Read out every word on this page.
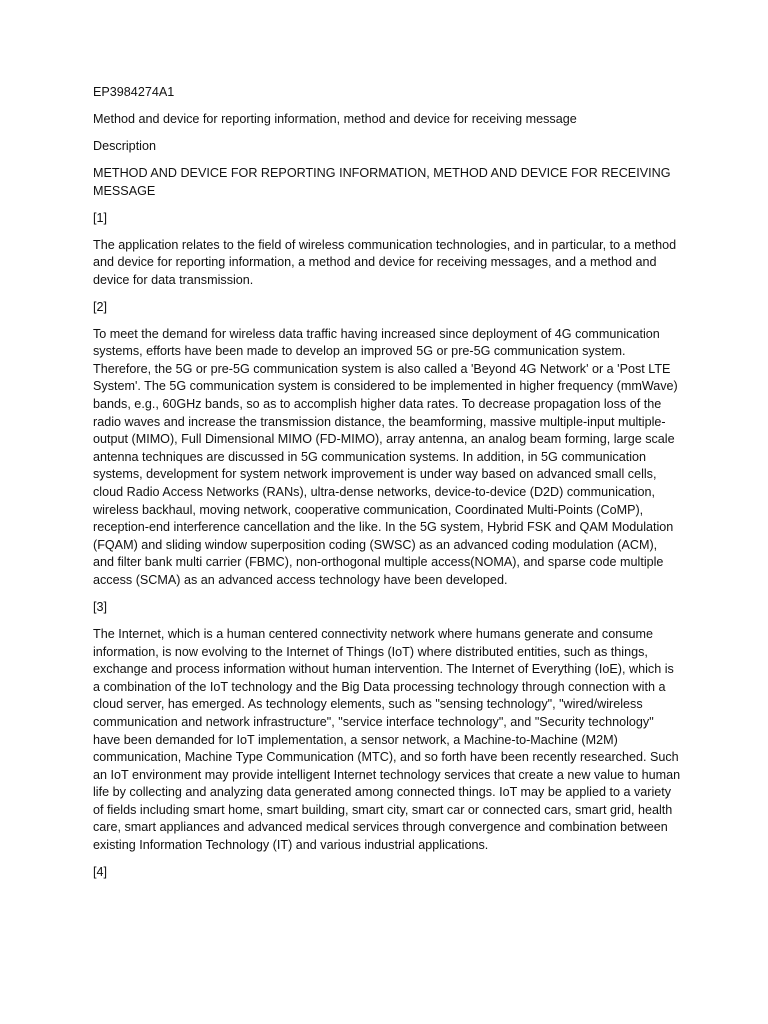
EP3984274A1

Method and device for reporting information, method and device for receiving message

Description

METHOD AND DEVICE FOR REPORTING INFORMATION, METHOD AND DEVICE FOR RECEIVING MESSAGE

[1]

The application relates to the field of wireless communication technologies, and in particular, to a method and device for reporting information, a method and device for receiving messages, and a method and device for data transmission.

[2]

To meet the demand for wireless data traffic having increased since deployment of 4G communication systems, efforts have been made to develop an improved 5G or pre-5G communication system. Therefore, the 5G or pre-5G communication system is also called a 'Beyond 4G Network' or a 'Post LTE System'. The 5G communication system is considered to be implemented in higher frequency (mmWave) bands, e.g., 60GHz bands, so as to accomplish higher data rates. To decrease propagation loss of the radio waves and increase the transmission distance, the beamforming, massive multiple-input multiple-output (MIMO), Full Dimensional MIMO (FD-MIMO), array antenna, an analog beam forming, large scale antenna techniques are discussed in 5G communication systems. In addition, in 5G communication systems, development for system network improvement is under way based on advanced small cells, cloud Radio Access Networks (RANs), ultra-dense networks, device-to-device (D2D) communication, wireless backhaul, moving network, cooperative communication, Coordinated Multi-Points (CoMP), reception-end interference cancellation and the like. In the 5G system, Hybrid FSK and QAM Modulation (FQAM) and sliding window superposition coding (SWSC) as an advanced coding modulation (ACM), and filter bank multi carrier (FBMC), non-orthogonal multiple access(NOMA), and sparse code multiple access (SCMA) as an advanced access technology have been developed.

[3]

The Internet, which is a human centered connectivity network where humans generate and consume information, is now evolving to the Internet of Things (IoT) where distributed entities, such as things, exchange and process information without human intervention. The Internet of Everything (IoE), which is a combination of the IoT technology and the Big Data processing technology through connection with a cloud server, has emerged. As technology elements, such as "sensing technology", "wired/wireless communication and network infrastructure", "service interface technology", and "Security technology" have been demanded for IoT implementation, a sensor network, a Machine-to-Machine (M2M) communication, Machine Type Communication (MTC), and so forth have been recently researched. Such an IoT environment may provide intelligent Internet technology services that create a new value to human life by collecting and analyzing data generated among connected things. IoT may be applied to a variety of fields including smart home, smart building, smart city, smart car or connected cars, smart grid, health care, smart appliances and advanced medical services through convergence and combination between existing Information Technology (IT) and various industrial applications.

[4]
